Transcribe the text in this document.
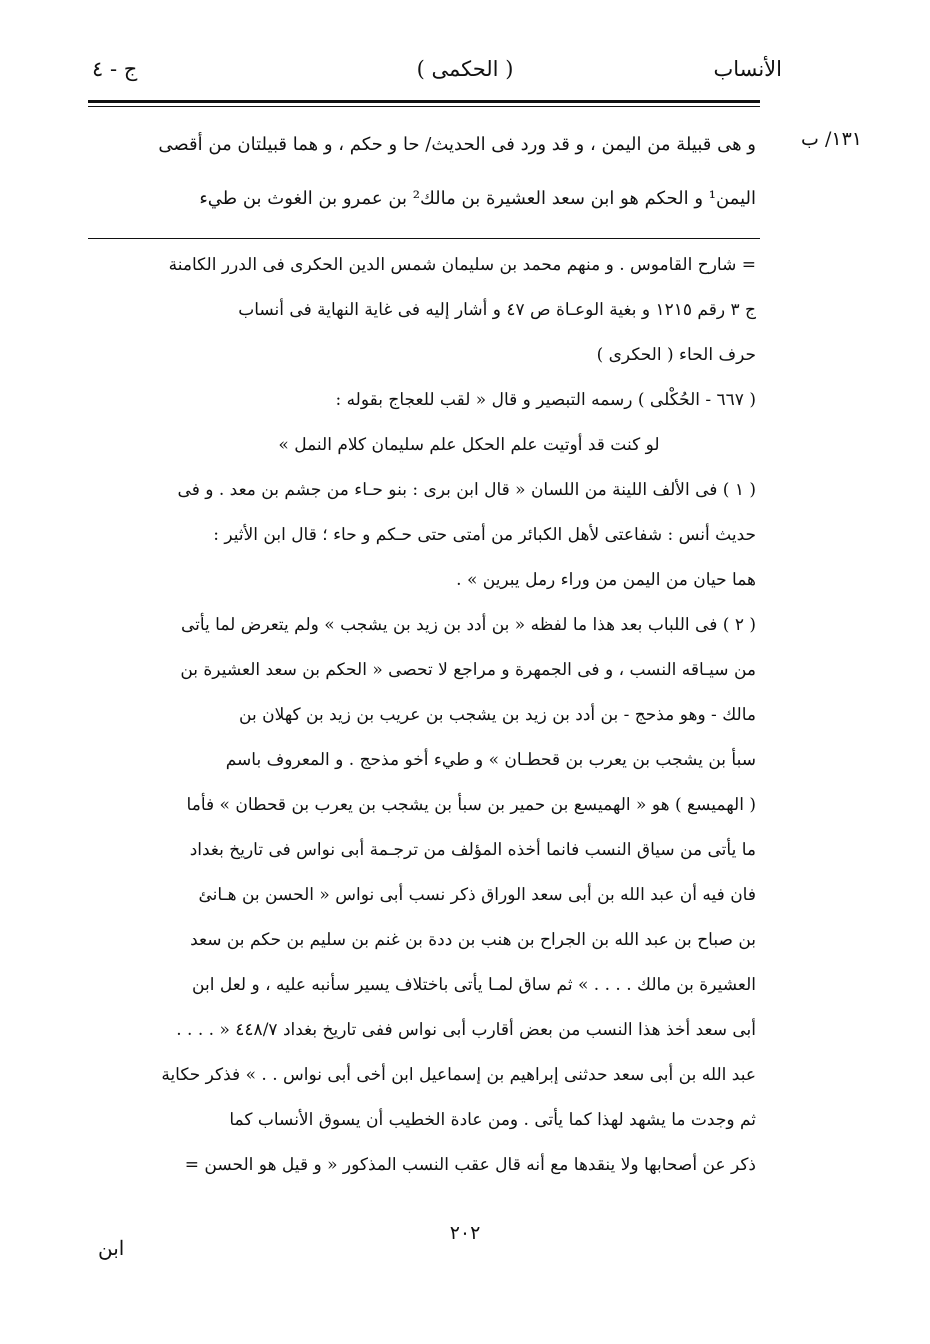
الأنساب
( الحكمى )
ج - ٤
١٣١/ ب
و هى قبيلة من اليمن ، و قد ورد فى الحديث/ حا و حكم ، و هما قبيلتان من أقصى
اليمن¹ و الحكم هو ابن سعد العشيرة بن مالك² بن عمرو بن الغوث بن طيء
= شارح القاموس . و منهم محمد بن سليمان شمس الدين الحكرى فى الدرر الكامنة
ج ٣ رقم ١٢١٥ و بغية الوعـاة ص ٤٧ و أشار إليه فى غاية النهاية فى أنساب
حرف الحاء ( الحكرى )
( ٦٦٧ - الحُكْلى ) رسمه التبصير و قال « لقب للعجاج بقوله :
لو كنت قد أوتيت علم الحكل علم سليمان كلام النمل »
( ١ ) فى الألف اللينة من اللسان « قال ابن برى : بنو حـاء من جشم بن معد . و فى
حديث أنس : شفاعتى لأهل الكبائر من أمتى حتى حـكم و حاء ؛ قال ابن الأثير :
هما حيان من اليمن من وراء رمل يبرين » .
( ٢ ) فى اللباب بعد هذا ما لفظه « بن أدد بن زيد بن يشجب » ولم يتعرض لما يأتى
من سيـاقه النسب ، و فى الجمهرة و مراجع لا تحصى « الحكم بن سعد العشيرة بن
مالك - وهو مذحج - بن أدد بن زيد بن يشجب بن عريب بن زيد بن كهلان بن
سبأ بن يشجب بن يعرب بن قحطـان » و طيء أخو مذحج . و المعروف باسم
( الهميسع ) هو « الهميسع بن حمير بن سبأ بن يشجب بن يعرب بن قحطان » فأما
ما يأتى من سياق النسب فانما أخذه المؤلف من ترجـمة أبى نواس فى تاريخ بغداد
فان فيه أن عبد الله بن أبى سعد الوراق ذكر نسب أبى نواس « الحسن بن هـانئ
بن صباح بن عبد الله بن الجراح بن هنب بن ددة بن غنم بن سليم بن حكم بن سعد
العشيرة بن مالك . . . . » ثم ساق لمـا يأتى باختلاف يسير سأنبه عليه ، و لعل ابن
أبى سعد أخذ هذا النسب من بعض أقارب أبى نواس ففى تاريخ بغداد ٤٤٨/٧ « . . . .
عبد الله بن أبى سعد حدثنى إبراهيم بن إسماعيل ابن أخى أبى نواس . . » فذكر حكاية
ثم وجدت ما يشهد لهذا كما يأتى . ومن عادة الخطيب أن يسوق الأنساب كما
ذكر عن أصحابها ولا ينقدها مع أنه قال عقب النسب المذكور « و قيل هو الحسن =
٢٠٢
ابن
